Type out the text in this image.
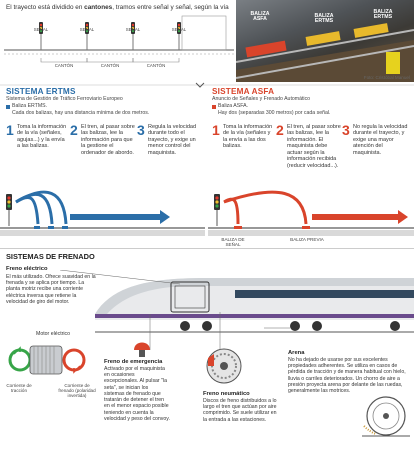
El trayecto está dividido en cantones, tramos entre señal y señal, según la vía
SEÑAL	SEÑAL	SEÑAL	SEÑAL
CANTÓN	CANTÓN	CANTÓN
BALIZA ASFA
BALIZA ERTMS
BALIZA ERTMS
Foto: Cristóbal Manuel
SISTEMA ERTMS
Sistema de Gestión de Tráfico Ferroviario Europeo
Baliza ERTMS.
Cada dos balizas, hay una distancia mínima de dos metros.
1 Toma la información de la vía (señales, agujas...) y la envía a las balizas.
2 El tren, al pasar sobre las balizas, lee la información para que la gestione el ordenador de abordo.
3 Regula la velocidad durante todo el trayecto, y exige un menor control del maquinista.
AL ORDENADOR
SISTEMA ASFA
Anuncio de Señales y Frenado Automático
Baliza ASFA.
Hay dos (separadas 300 metros) por cada señal.
1 Toma la información de la vía (señales y la envía a las dos balizas.
2 El tren, al pasar sobre las balizas, lee la información. El maquinista debe actuar según la información recibida (reducir velocidad...).
3 No regula la velocidad durante el trayecto, y exige una mayor atención del maquinista.
AL MAQUINISTA
BALIZA DE SEÑAL
BALIZA PREVIA
SISTEMAS DE FRENADO
Freno eléctrico
El más utilizado. Ofrece suavidad en la frenada y se aplica por tiempo. La planta motriz recibe una corriente eléctrica inversa que retiene la velocidad de giro del motor.
Motor eléctrico
Corriente de tracción
Corriente de frenado (polaridad invertida)
Freno de emergencia
Activado por el maquinista en ocasiones excepcionales. Al pulsar "la seta", se inician los sistemas de frenado que tratarán de detener el tren en el menor espacio posible teniendo en cuenta la velocidad y peso del convoy.
Freno neumático
Discos de freno distribuidos a lo largo el tren que actúan por aire comprimido. Se suele utilizar en la entrada a las estaciones.
Arena
No ha dejado de usarse por sus excelentes propiedades adherentes. Se utiliza en casos de pérdida de tracción y de manera habitual con hielo, lluvia o carriles deteriorados. Un chorro de aire a presión proyecta arena por delante de las ruedas, generalmente las motrices.
